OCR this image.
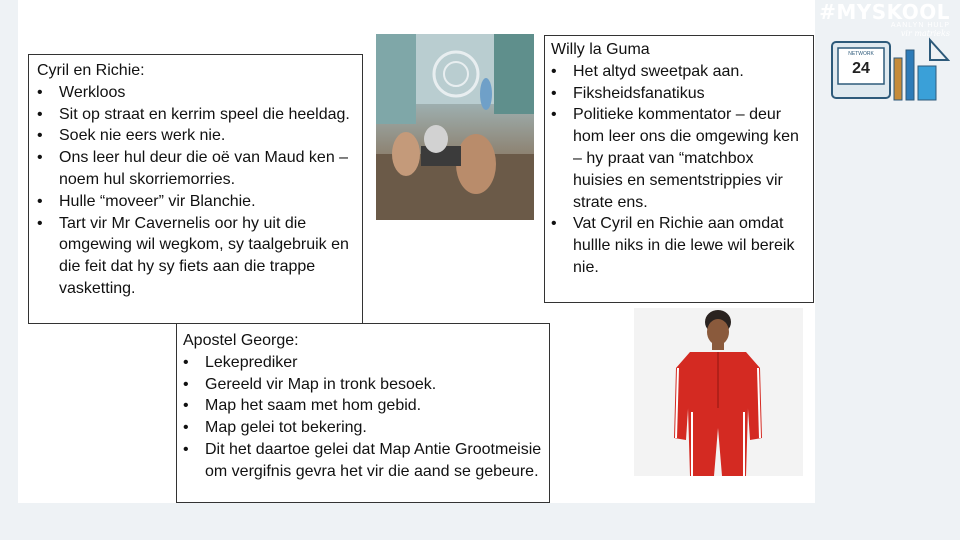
#MYSKOOL
AANLYN HULP
vir matrieks
NETWORK
24
Cyril en Richie:
• Werkloos
• Sit op straat en kerrim speel die heeldag.
• Soek nie eers werk nie.
• Ons leer hul deur die oë van Maud ken – noem hul skorriemorries.
• Hulle “moveer” vir Blanchie.
• Tart vir Mr Cavernelis oor hy uit die omgewing wil wegkom, sy taalgebruik en die feit dat hy sy fiets aan die trappe vasketting.
Willy la Guma
• Het altyd sweetpak aan.
• Fiksheidsfanatikus
• Politieke kommentator – deur hom leer ons die omgewing ken – hy praat van “matchbox huisies en sementstrippies vir strate ens.
• Vat Cyril en Richie aan omdat hullle niks in die lewe wil bereik nie.
Apostel George:
• Lekeprediker
• Gereeld vir Map in tronk besoek.
• Map het saam met hom gebid.
• Map gelei tot bekering.
• Dit het daartoe gelei dat Map Antie Grootmeisie om vergifnis gevra het vir die aand se gebeure.
